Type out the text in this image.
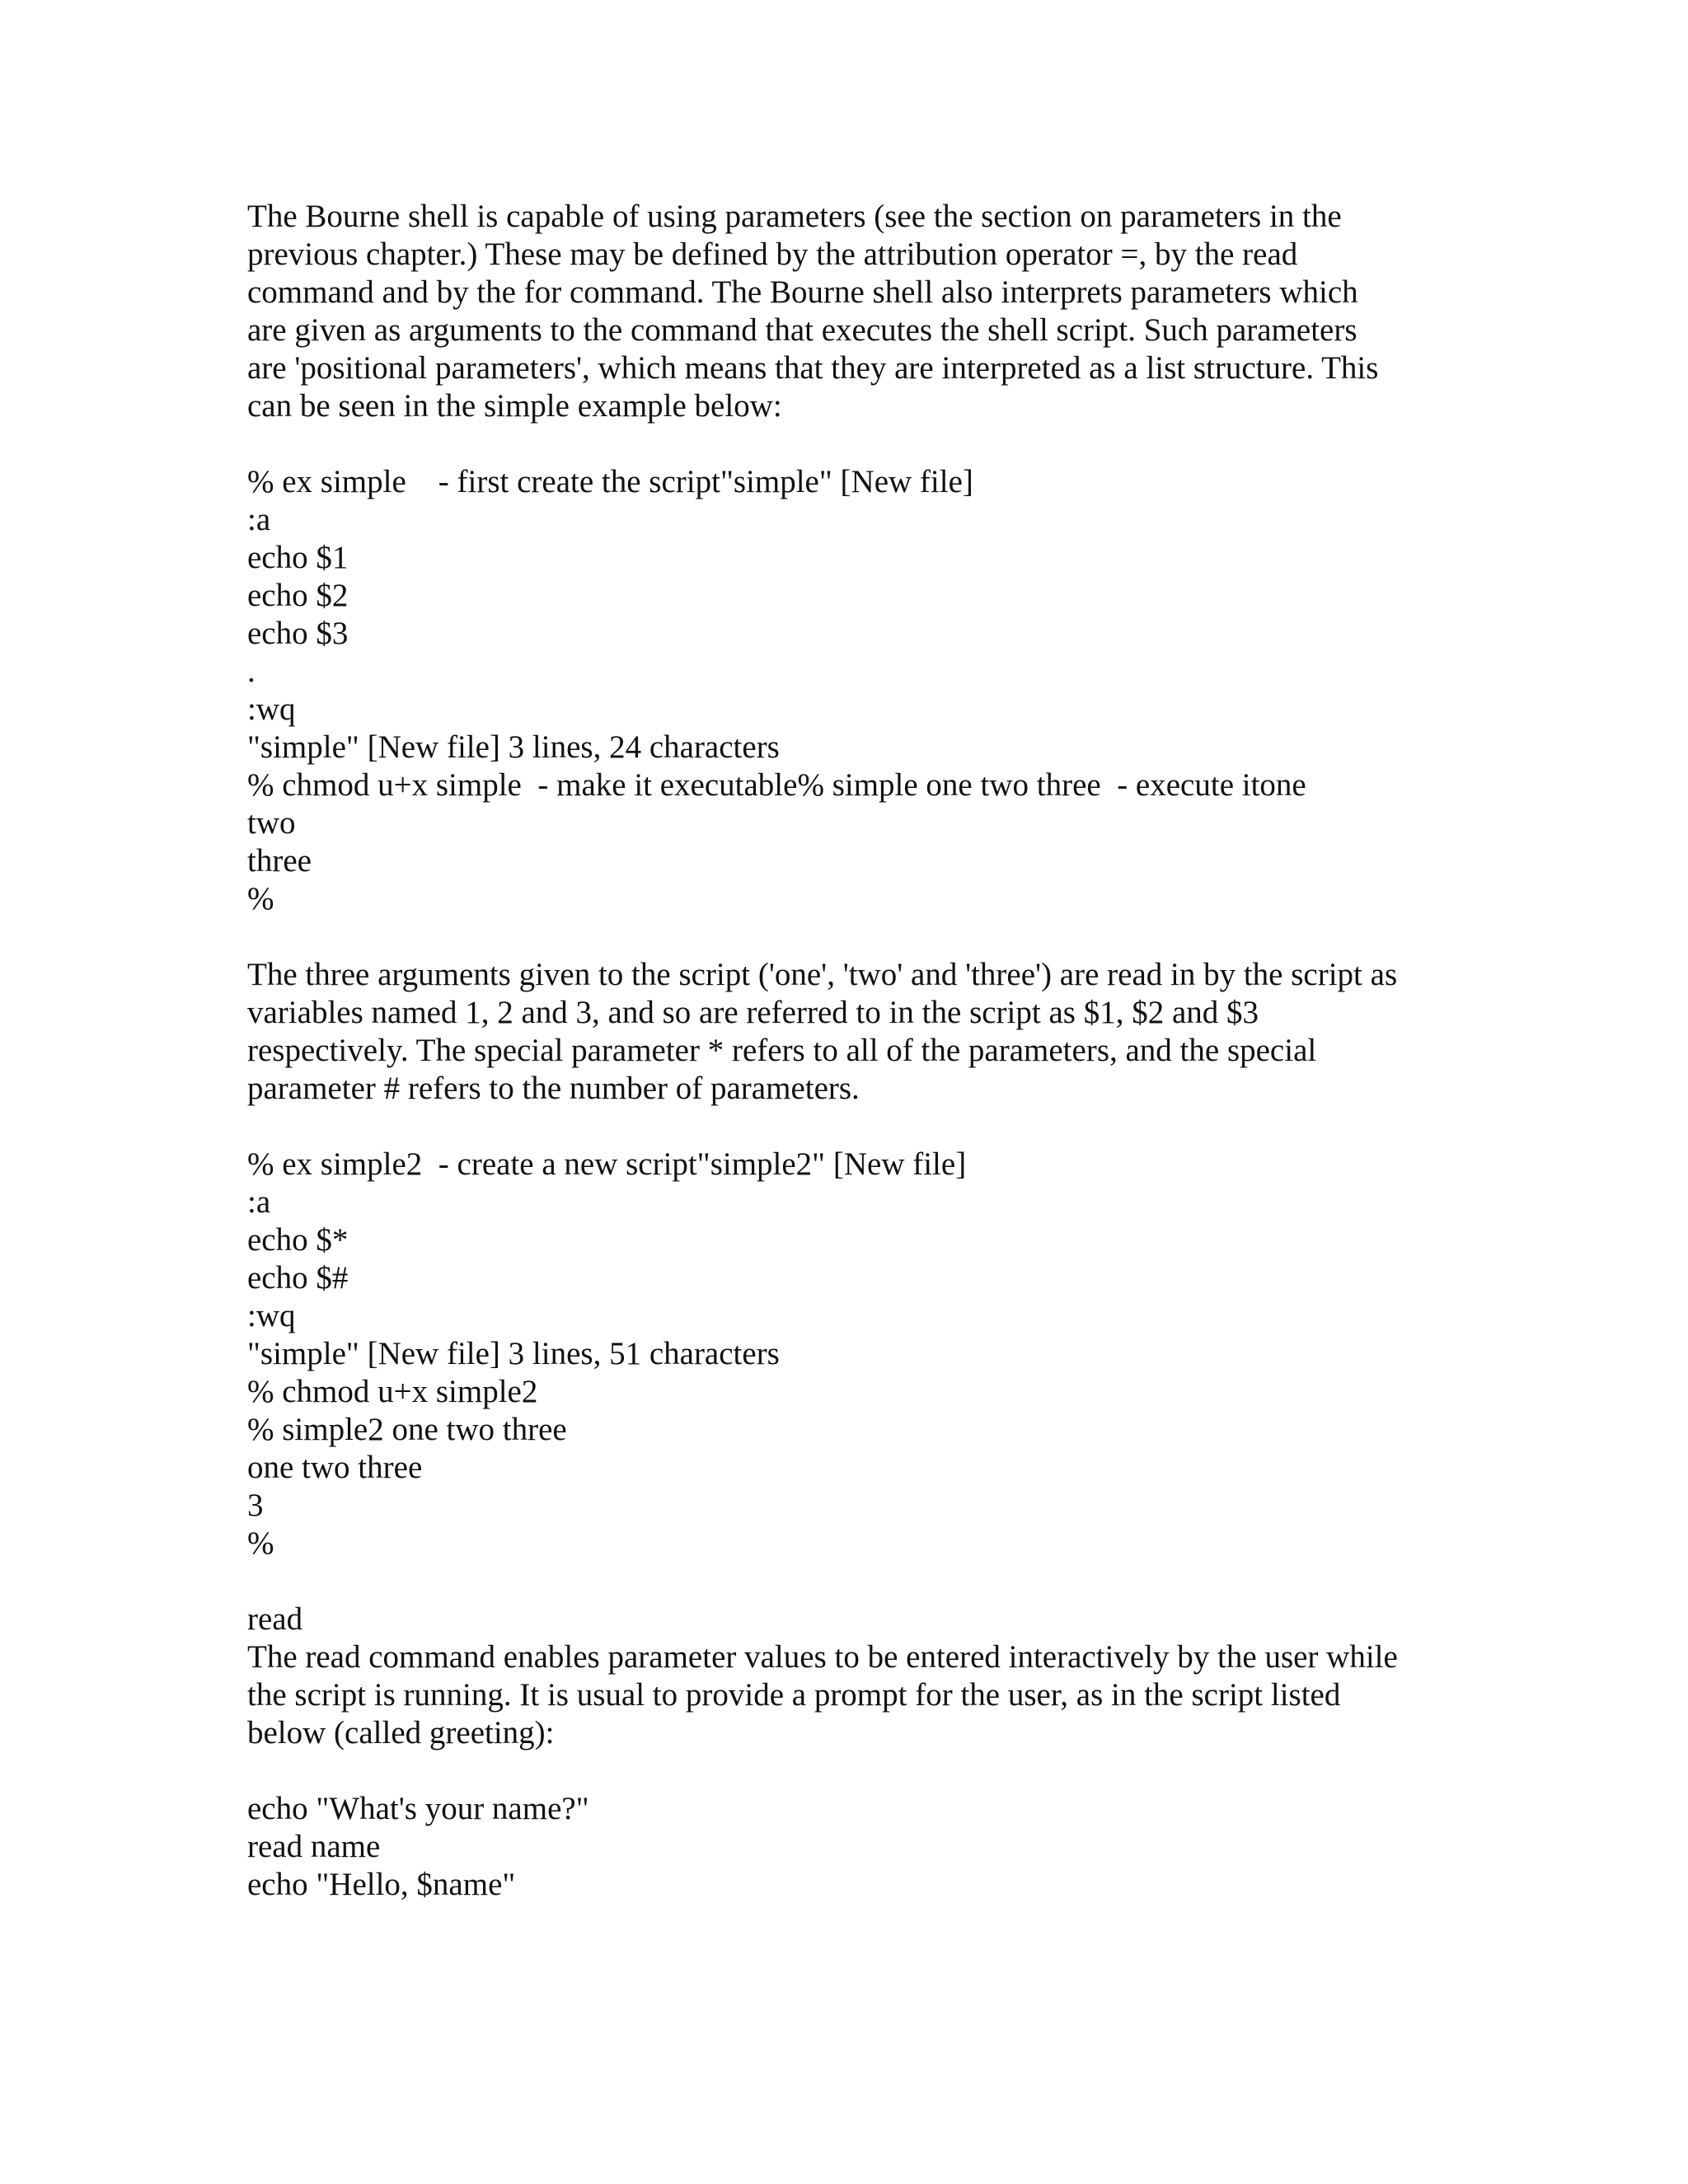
The Bourne shell is capable of using parameters (see the section on parameters in the
previous chapter.) These may be defined by the attribution operator =, by the read
command and by the for command. The Bourne shell also interprets parameters which
are given as arguments to the command that executes the shell script. Such parameters
are 'positional parameters', which means that they are interpreted as a list structure. This
can be seen in the simple example below:
% ex simple    - first create the script"simple" [New file]
:a
echo $1
echo $2
echo $3
.
:wq
"simple" [New file] 3 lines, 24 characters
% chmod u+x simple  - make it executable% simple one two three  - execute itone
two
three
%
The three arguments given to the script ('one', 'two' and 'three') are read in by the script as
variables named 1, 2 and 3, and so are referred to in the script as $1, $2 and $3
respectively. The special parameter * refers to all of the parameters, and the special
parameter # refers to the number of parameters.
% ex simple2  - create a new script"simple2" [New file]
:a
echo $*
echo $#
:wq
"simple" [New file] 3 lines, 51 characters
% chmod u+x simple2
% simple2 one two three
one two three
3
%
read
The read command enables parameter values to be entered interactively by the user while
the script is running. It is usual to provide a prompt for the user, as in the script listed
below (called greeting):
echo "What's your name?"
read name
echo "Hello, $name"
